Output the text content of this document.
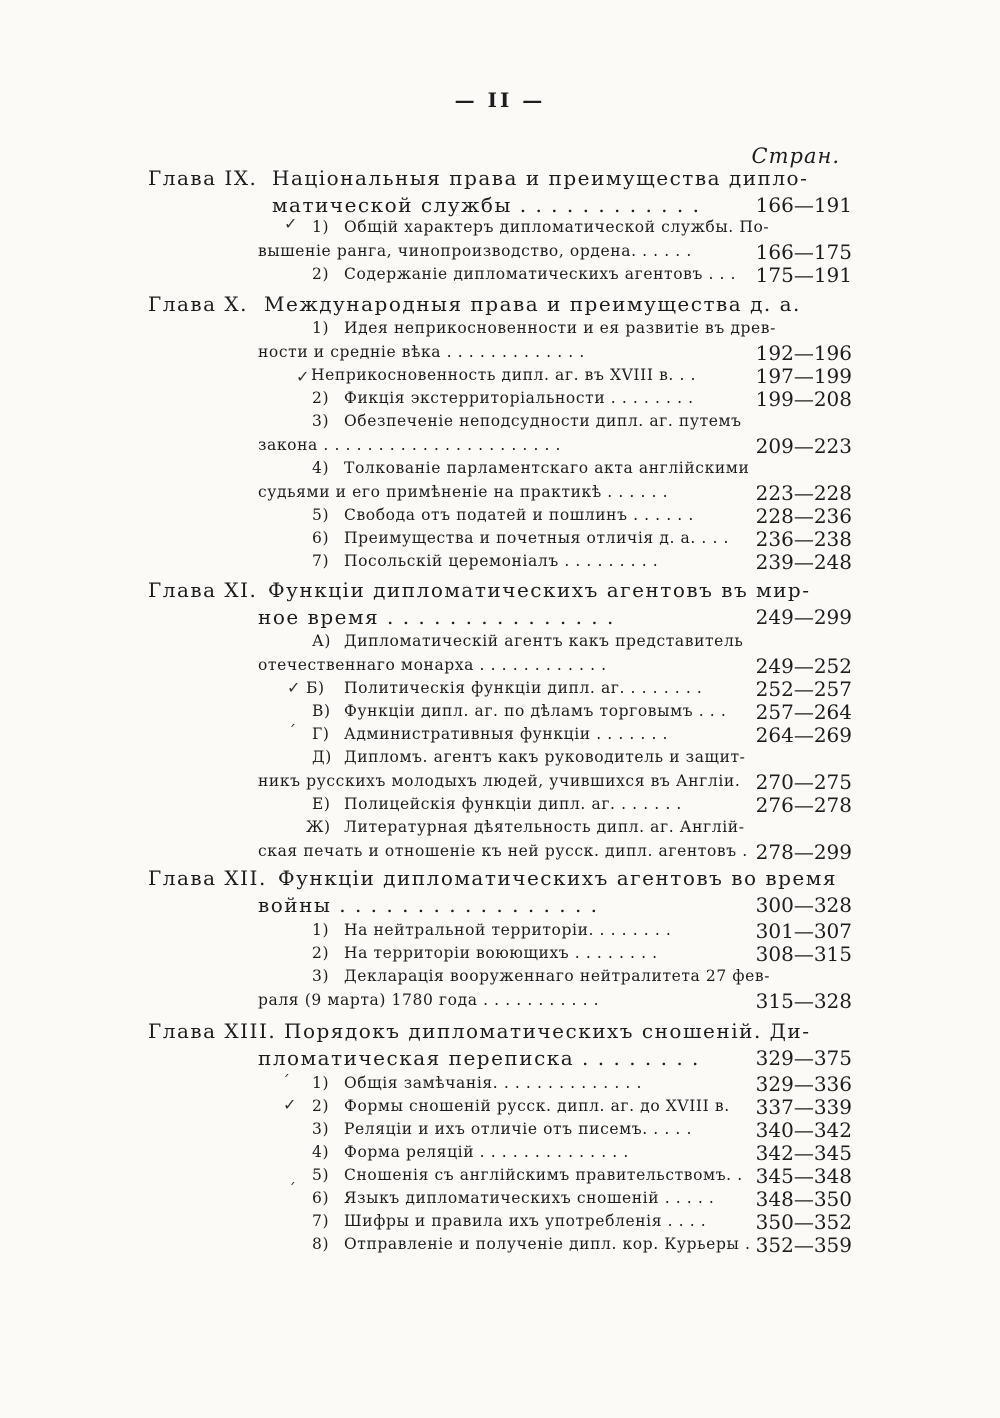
— II —
Стран.
Глава IX. Національныя права и преимущества дипло-
матической службы . . . . . . . . . . . .	166—191
✓ 1) Общій характеръ дипломатической службы. По-
вышеніе ранга, чинопроизводство, ордена. . . . . .	166—175
2) Содержаніе дипломатическихъ агентовъ . . . 175—191
Глава X. Международныя права и преимущества д. а.
1) Идея неприкосновенности и ея развитіе въ древ-
ности и средніе вѣка . . . . . . . . . . . . .	192—196
✓ Неприкосновенность дипл. аг. въ XVIII в. . .	197—199
2) Фикція экстерриторіальности . . . . . . . .	199—208
3) Обезпеченіе неподсудности дипл. аг. путемъ
закона . . . . . . . . . . . . . . . . . . . . . .	209—223
4) Толкованіе парламентскаго акта англійскими
судьями и его примѣненіе на практикѣ . . . . . .	223—228
5) Свобода отъ податей и пошлинъ . . . . . .	228—236
6) Преимущества и почетныя отличія д. а. . . . 236—238
7) Посольскій церемоніалъ . . . . . . . . .	239—248
Глава XI. Функціи дипломатическихъ агентовъ въ мир-
ное время . . . . . . . . . . . . . . .	249—299
А) Дипломатическій агентъ какъ представитель
отечественнаго монарха . . . . . . . . . . . .	249—252
✓ Б) Политическія функціи дипл. аг. . . . . . . .	252—257
В) Функціи дипл. аг. по дѣламъ торговымъ . . . 257—264
ˊ Г) Административныя функціи . . . . . . .	264—269
Д) Дипломъ. агентъ какъ руководитель и защит-
никъ русскихъ молодыхъ людей, учившихся въ Англіи. 270—275
Е) Полицейскія функціи дипл. аг. . . . . . .	276—278
Ж) Литературная дѣятельность дипл. аг. Англій-
ская печать и отношеніе къ ней русск. дипл. агентовъ . 278—299
Глава XII. Функціи дипломатическихъ агентовъ во время
войны . . . . . . . . . . . . . . . . .	300—328
1) На нейтральной территоріи. . . . . . . .	301—307
2) На территоріи воюющихъ . . . . . . . .	308—315
3) Декларація вооруженнаго нейтралитета 27 фев-
раля (9 марта) 1780 года . . . . . . . . . . .	315—328
Глава XIII. Порядокъ дипломатическихъ сношеній. Ди-
пломатическая переписка . . . . . . . .	329—375
ˊ 1) Общія замѣчанія. . . . . . . . . . . . . .	329—336
✓ 2) Формы сношеній русск. дипл. аг. до XVIII в. 337—339
3) Реляціи и ихъ отличіе отъ писемъ. . . . .	340—342
4) Форма реляцій . . . . . . . . . . . . . .	342—345
5) Сношенія съ англійскимъ правительствомъ. . 345—348
ˊ 6) Языкъ дипломатическихъ сношеній . . . . . 348—350
7) Шифры и правила ихъ употребленія . . . . 350—352
8) Отправленіе и полученіе дипл. кор. Курьеры . 352—359
